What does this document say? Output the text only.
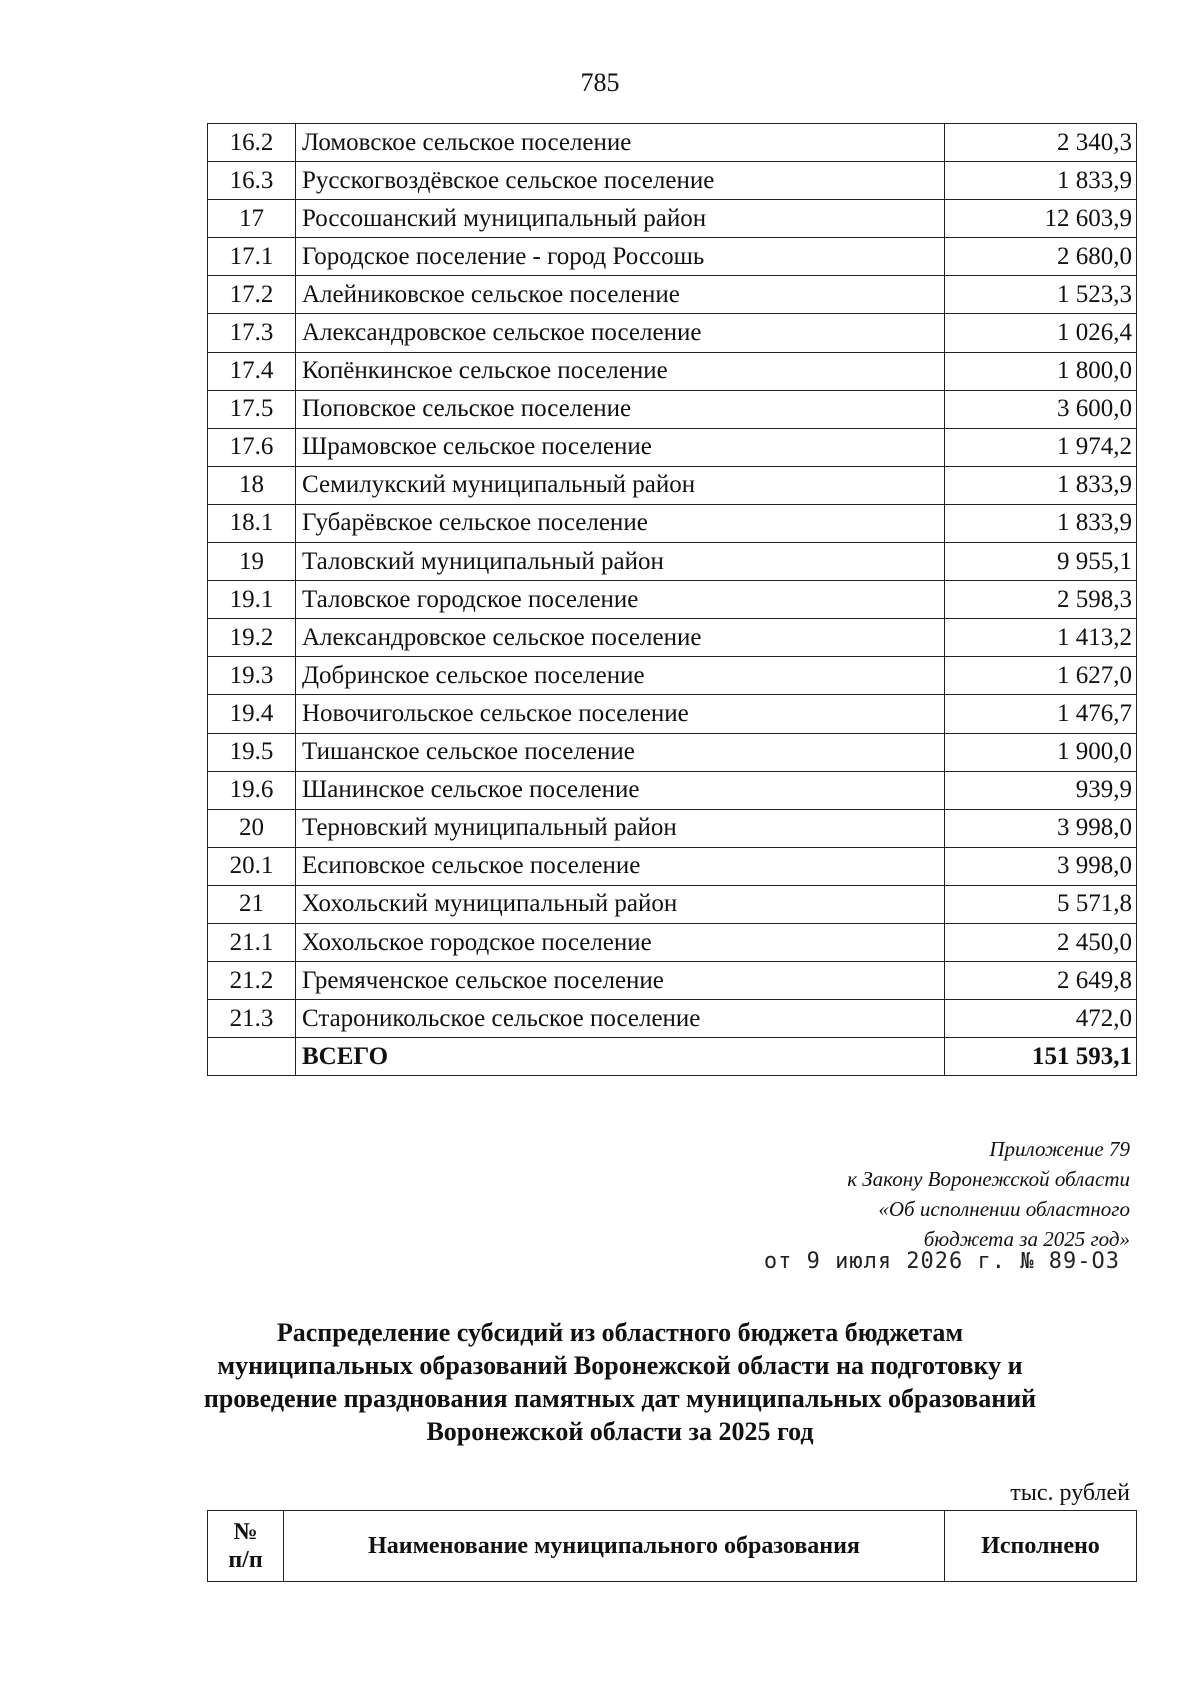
785
16.2	Ломовское сельское поселение	2 340,3
16.3	Русскогвоздёвское сельское поселение	1 833,9
17	Россошанский муниципальный район	12 603,9
17.1	Городское поселение - город Россошь	2 680,0
17.2	Алейниковское сельское поселение	1 523,3
17.3	Александровское сельское поселение	1 026,4
17.4	Копёнкинское сельское поселение	1 800,0
17.5	Поповское сельское поселение	3 600,0
17.6	Шрамовское сельское поселение	1 974,2
18	Семилукский муниципальный район	1 833,9
18.1	Губарёвское сельское поселение	1 833,9
19	Таловский муниципальный район	9 955,1
19.1	Таловское городское поселение	2 598,3
19.2	Александровское сельское поселение	1 413,2
19.3	Добринское сельское поселение	1 627,0
19.4	Новочигольское сельское поселение	1 476,7
19.5	Тишанское сельское поселение	1 900,0
19.6	Шанинское сельское поселение	939,9
20	Терновский муниципальный район	3 998,0
20.1	Есиповское сельское поселение	3 998,0
21	Хохольский муниципальный район	5 571,8
21.1	Хохольское городское поселение	2 450,0
21.2	Гремяченское сельское поселение	2 649,8
21.3	Староникольское сельское поселение	472,0
	ВСЕГО	151 593,1
Приложение 79
к Закону Воронежской области
«Об исполнении областного
бюджета за 2025 год»
от 9 июля 2026 г. № 89-ОЗ
Распределение субсидий из областного бюджета бюджетам
муниципальных образований Воронежской области на подготовку и
проведение празднования памятных дат муниципальных образований
Воронежской области за 2025 год
тыс. рублей
№
п/п
	Наименование муниципального образования	Исполнено
